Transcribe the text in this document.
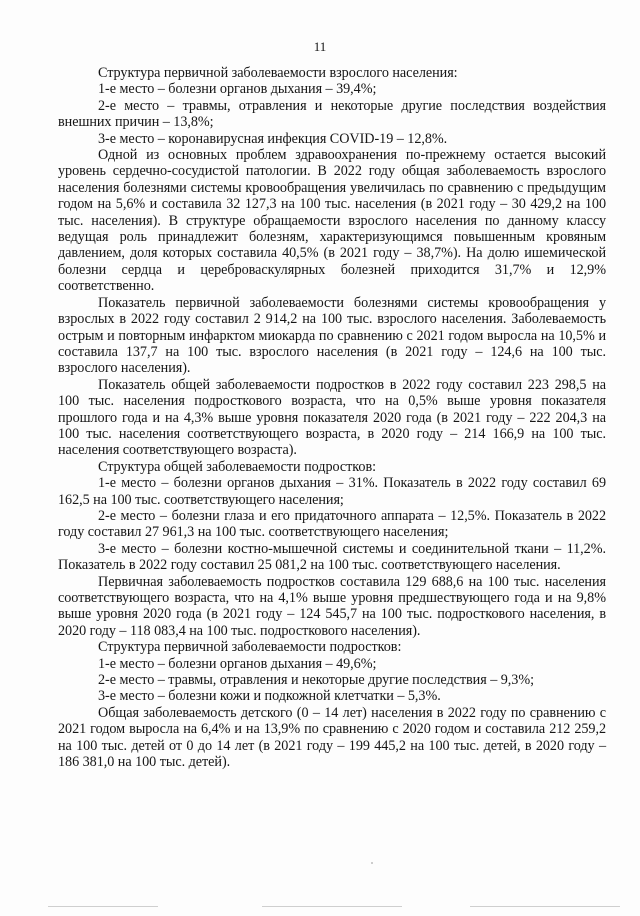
11

Структура первичной заболеваемости взрослого населения:

1-е место – болезни органов дыхания – 39,4%;

2-е место – травмы, отравления и некоторые другие последствия воздействия внешних причин – 13,8%;

3-е место – коронавирусная инфекция COVID-19 – 12,8%.

Одной из основных проблем здравоохранения по-прежнему остается высокий уровень сердечно-сосудистой патологии. В 2022 году общая заболеваемость взрослого населения болезнями системы кровообращения увеличилась по сравнению с предыдущим годом на 5,6% и составила 32 127,3 на 100 тыс. населения (в 2021 году – 30 429,2 на 100 тыс. населения). В структуре обращаемости взрослого населения по данному классу ведущая роль принадлежит болезням, характеризующимся повышенным кровяным давлением, доля которых составила 40,5% (в 2021 году – 38,7%). На долю ишемической болезни сердца и цереброваскулярных болезней приходится 31,7% и 12,9% соответственно.

Показатель первичной заболеваемости болезнями системы кровообращения у взрослых в 2022 году составил 2 914,2 на 100 тыс. взрослого населения. Заболеваемость острым и повторным инфарктом миокарда по сравнению с 2021 годом выросла на 10,5% и составила 137,7 на 100 тыс. взрослого населения (в 2021 году – 124,6 на 100 тыс. взрослого населения).

Показатель общей заболеваемости подростков в 2022 году составил 223 298,5 на 100 тыс. населения подросткового возраста, что на 0,5% выше уровня показателя прошлого года и на 4,3% выше уровня показателя 2020 года (в 2021 году – 222 204,3 на 100 тыс. населения соответствующего возраста, в 2020 году – 214 166,9 на 100 тыс. населения соответствующего возраста).

Структура общей заболеваемости подростков:

1-е место – болезни органов дыхания – 31%. Показатель в 2022 году составил 69 162,5 на 100 тыс. соответствующего населения;

2-е место – болезни глаза и его придаточного аппарата – 12,5%. Показатель в 2022 году составил 27 961,3 на 100 тыс. соответствующего населения;

3-е место – болезни костно-мышечной системы и соединительной ткани – 11,2%. Показатель в 2022 году составил 25 081,2 на 100 тыс. соответствующего населения.

Первичная заболеваемость подростков составила 129 688,6 на 100 тыс. населения соответствующего возраста, что на 4,1% выше уровня предшествующего года и на 9,8% выше уровня 2020 года (в 2021 году – 124 545,7 на 100 тыс. подросткового населения, в 2020 году – 118 083,4 на 100 тыс. подросткового населения).

Структура первичной заболеваемости подростков:

1-е место – болезни органов дыхания – 49,6%;

2-е место – травмы, отравления и некоторые другие последствия – 9,3%;

3-е место – болезни кожи и подкожной клетчатки – 5,3%.

Общая заболеваемость детского (0 – 14 лет) населения в 2022 году по сравнению с 2021 годом выросла на 6,4% и на 13,9% по сравнению с 2020 годом и составила 212 259,2 на 100 тыс. детей от 0 до 14 лет (в 2021 году – 199 445,2 на 100 тыс. детей, в 2020 году – 186 381,0 на 100 тыс. детей).
